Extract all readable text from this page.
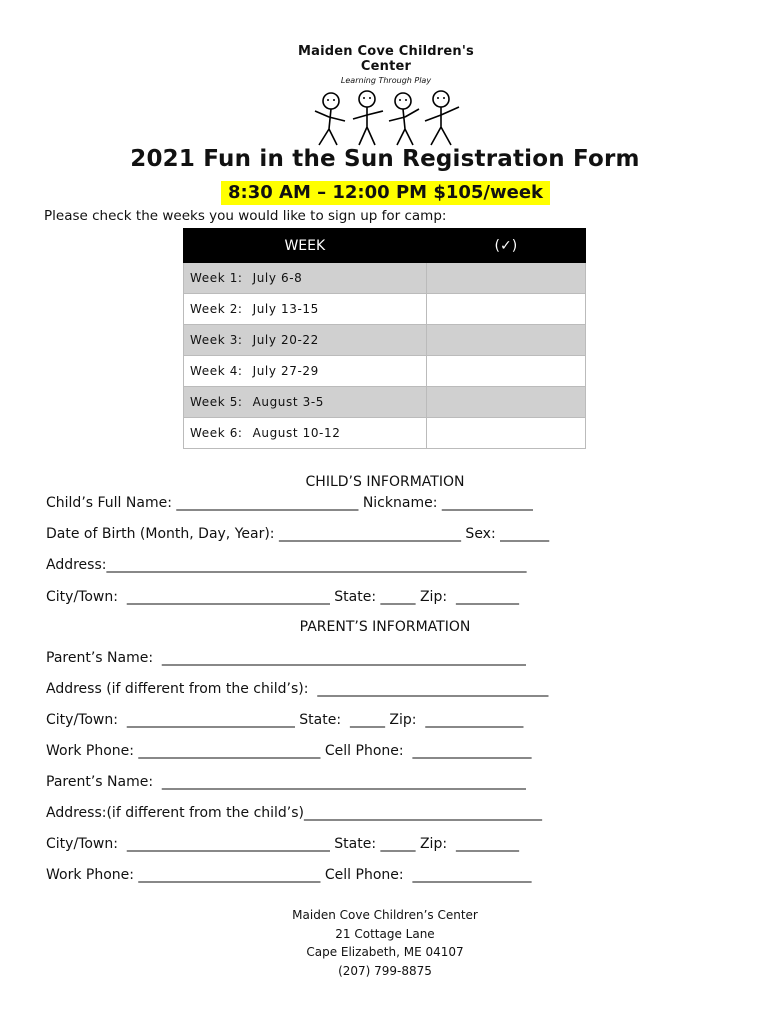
Maiden Cove Children's Center
Learning Through Play
2021 Fun in the Sun Registration Form
8:30 AM – 12:00 PM $105/week
Please check the weeks you would like to sign up for camp:
WEEK	(✓)
Week 1: July 6-8	
Week 2: July 13-15	
Week 3: July 20-22	
Week 4: July 27-29	
Week 5: August 3-5	
Week 6: August 10-12	
CHILD’S INFORMATION
Child’s Full Name: __________________________ Nickname: _____________
Date of Birth (Month, Day, Year): __________________________ Sex: _______
Address:____________________________________________________________
City/Town:  _____________________________ State: _____ Zip:  _________
PARENT’S INFORMATION
Parent’s Name:  ____________________________________________________
Address (if different from the child’s):  _________________________________
City/Town:  ________________________ State:  _____ Zip:  ______________
Work Phone: __________________________ Cell Phone:  _________________
Parent’s Name:  ____________________________________________________
Address:(if different from the child’s)__________________________________
City/Town:  _____________________________ State: _____ Zip:  _________
Work Phone: __________________________ Cell Phone:  _________________
Maiden Cove Children’s Center
21 Cottage Lane
Cape Elizabeth, ME 04107
(207) 799-8875
